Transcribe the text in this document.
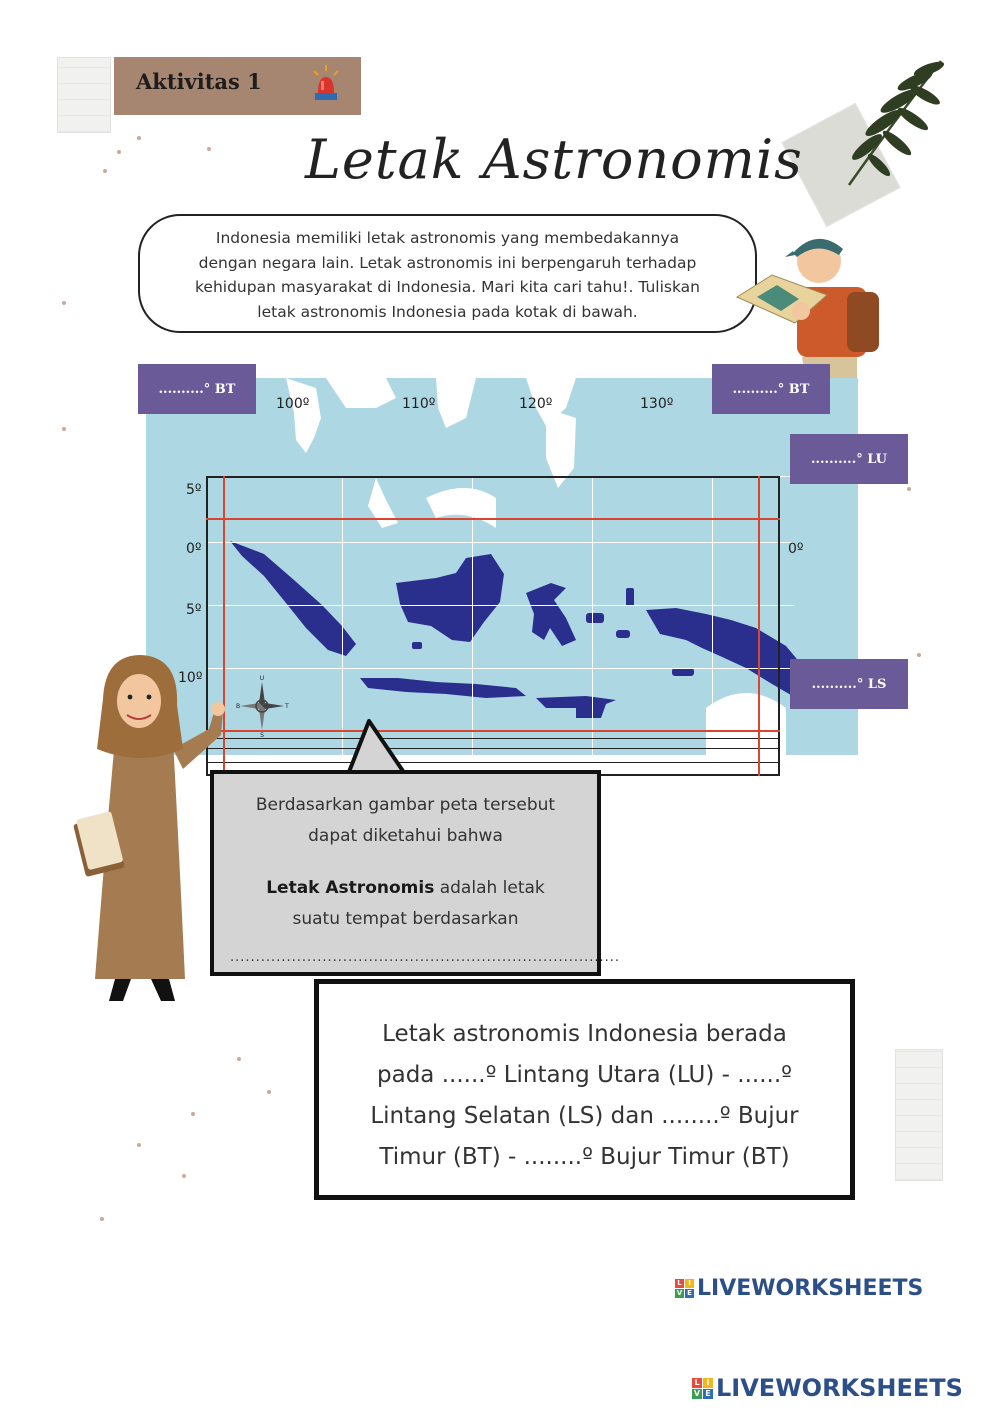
Aktivitas 1
Letak Astronomis
Indonesia memiliki letak astronomis yang membedakannya
dengan negara lain. Letak astronomis ini berpengaruh terhadap
kehidupan masyarakat di Indonesia. Mari kita cari tahu!. Tuliskan
letak astronomis Indonesia pada kotak di bawah.
U
S
B	T
100º	110º	120º	130º
5º
0º
5º
10º
0º
..........° BT	..........° BT
..........° LU
..........° LS
Berdasarkan gambar peta tersebut
dapat diketahui bahwa
Letak Astronomis adalah letak
suatu tempat berdasarkan
............................................................................
Letak astronomis Indonesia berada
pada ......º Lintang Utara (LU) - ......º
Lintang Selatan (LS) dan ........º Bujur
Timur (BT) - ........º Bujur Timur (BT)
L I
V E LIVEWORKSHEETS
L I
V E LIVEWORKSHEETS
